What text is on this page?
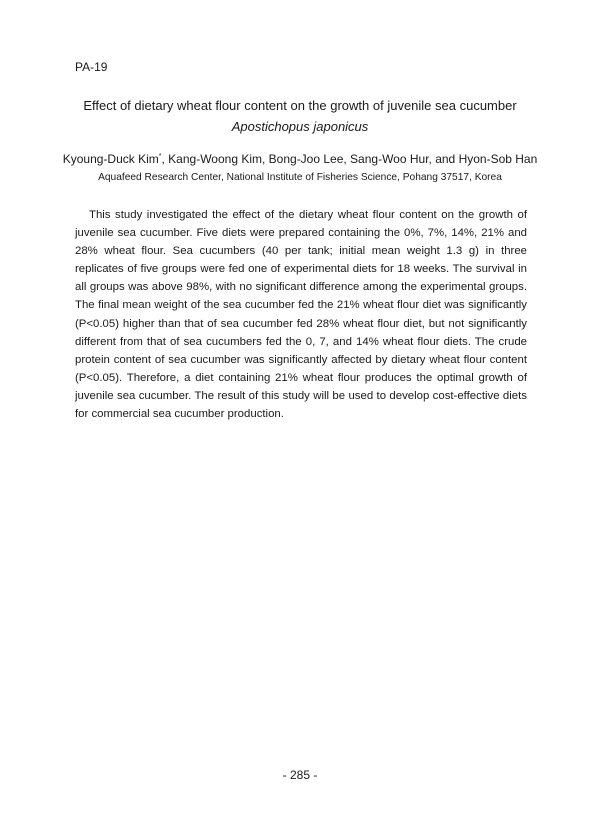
PA-19
Effect of dietary wheat flour content on the growth of juvenile sea cucumber
Apostichopus japonicus
Kyoung-Duck Kim*, Kang-Woong Kim, Bong-Joo Lee, Sang-Woo Hur, and Hyon-Sob Han
Aquafeed Research Center, National Institute of Fisheries Science, Pohang 37517, Korea

This study investigated the effect of the dietary wheat flour content on the growth of juvenile sea cucumber. Five diets were prepared containing the 0%, 7%, 14%, 21% and 28% wheat flour. Sea cucumbers (40 per tank; initial mean weight 1.3 g) in three replicates of five groups were fed one of experimental diets for 18 weeks. The survival in all groups was above 98%, with no significant difference among the experimental groups. The final mean weight of the sea cucumber fed the 21% wheat flour diet was significantly (P<0.05) higher than that of sea cucumber fed 28% wheat flour diet, but not significantly different from that of sea cucumbers fed the 0, 7, and 14% wheat flour diets. The crude protein content of sea cucumber was significantly affected by dietary wheat flour content (P<0.05). Therefore, a diet containing 21% wheat flour produces the optimal growth of juvenile sea cucumber. The result of this study will be used to develop cost-effective diets for commercial sea cucumber production.

- 285 -
